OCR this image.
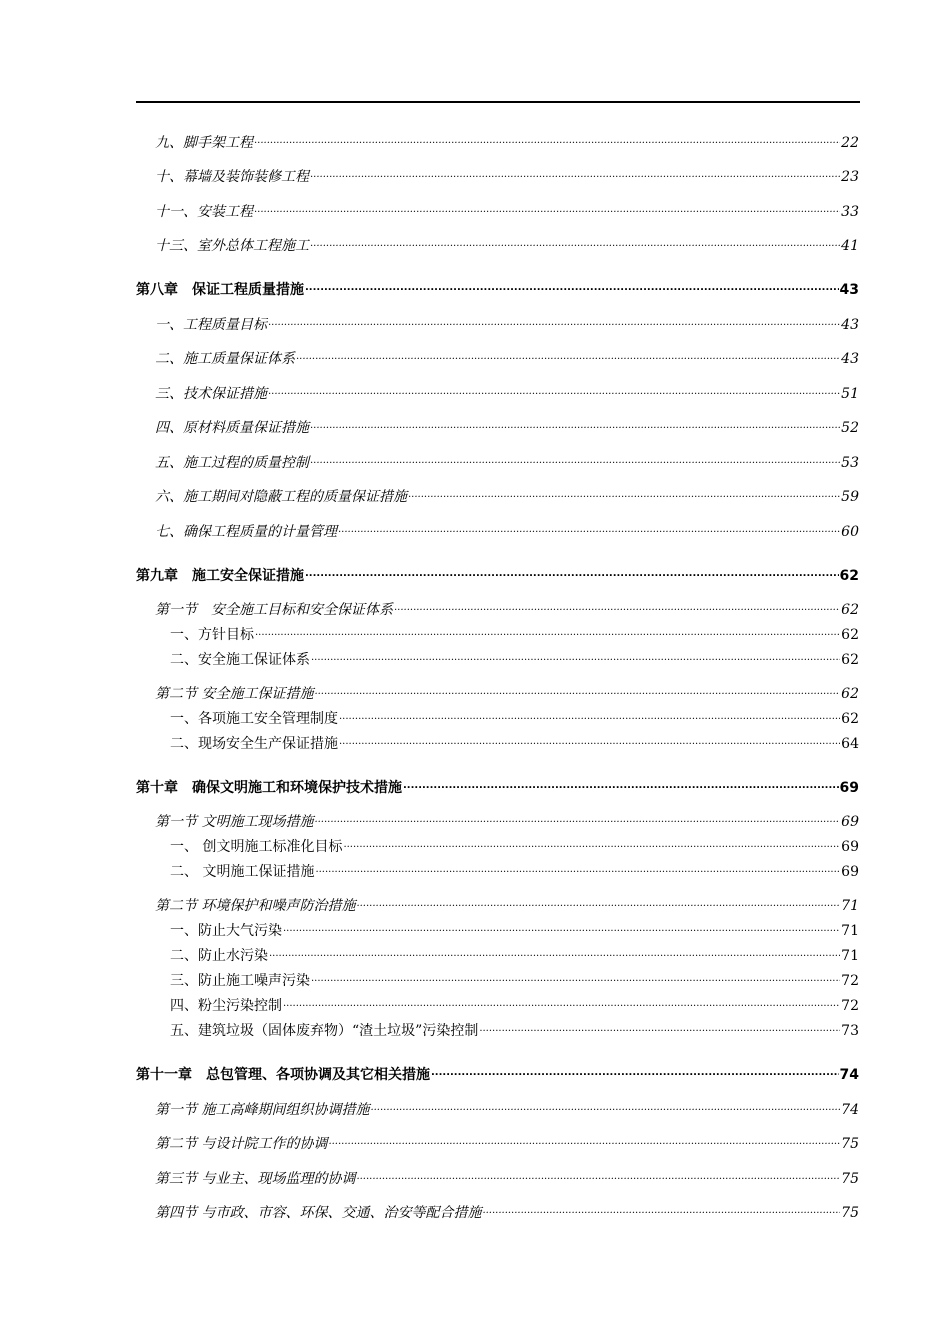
九、脚手架工程 .....	22
十、幕墙及装饰装修工程 .....	23
十一、安装工程 .....	33
十三、室外总体工程施工 .....	41
第八章　保证工程质量措施 .....	43
一、工程质量目标 .....	43
二、施工质量保证体系 .....	43
三、技术保证措施 .....	51
四、原材料质量保证措施 .....	52
五、施工过程的质量控制 .....	53
六、施工期间对隐蔽工程的质量保证措施 .....	59
七、确保工程质量的计量管理 .....	60
第九章　施工安全保证措施 .....	62
第一节　安全施工目标和安全保证体系 .....	62
一、方针目标 .....	62
二、安全施工保证体系 .....	62
第二节 安全施工保证措施 .....	62
一、各项施工安全管理制度 .....	62
二、现场安全生产保证措施 .....	64
第十章　确保文明施工和环境保护技术措施 .....	69
第一节 文明施工现场措施 .....	69
一、 创文明施工标准化目标 .....	69
二、 文明施工保证措施 .....	69
第二节 环境保护和噪声防治措施 .....	71
一、防止大气污染 .....	71
二、防止水污染 .....	71
三、防止施工噪声污染 .....	72
四、粉尘污染控制 .....	72
五、建筑垃圾（固体废弃物）“渣土垃圾”污染控制 .....	73
第十一章　总包管理、各项协调及其它相关措施 .....	74
第一节 施工高峰期间组织协调措施 .....	74
第二节 与设计院工作的协调 .....	75
第三节 与业主、现场监理的协调 .....	75
第四节 与市政、市容、环保、交通、治安等配合措施 .....	75
